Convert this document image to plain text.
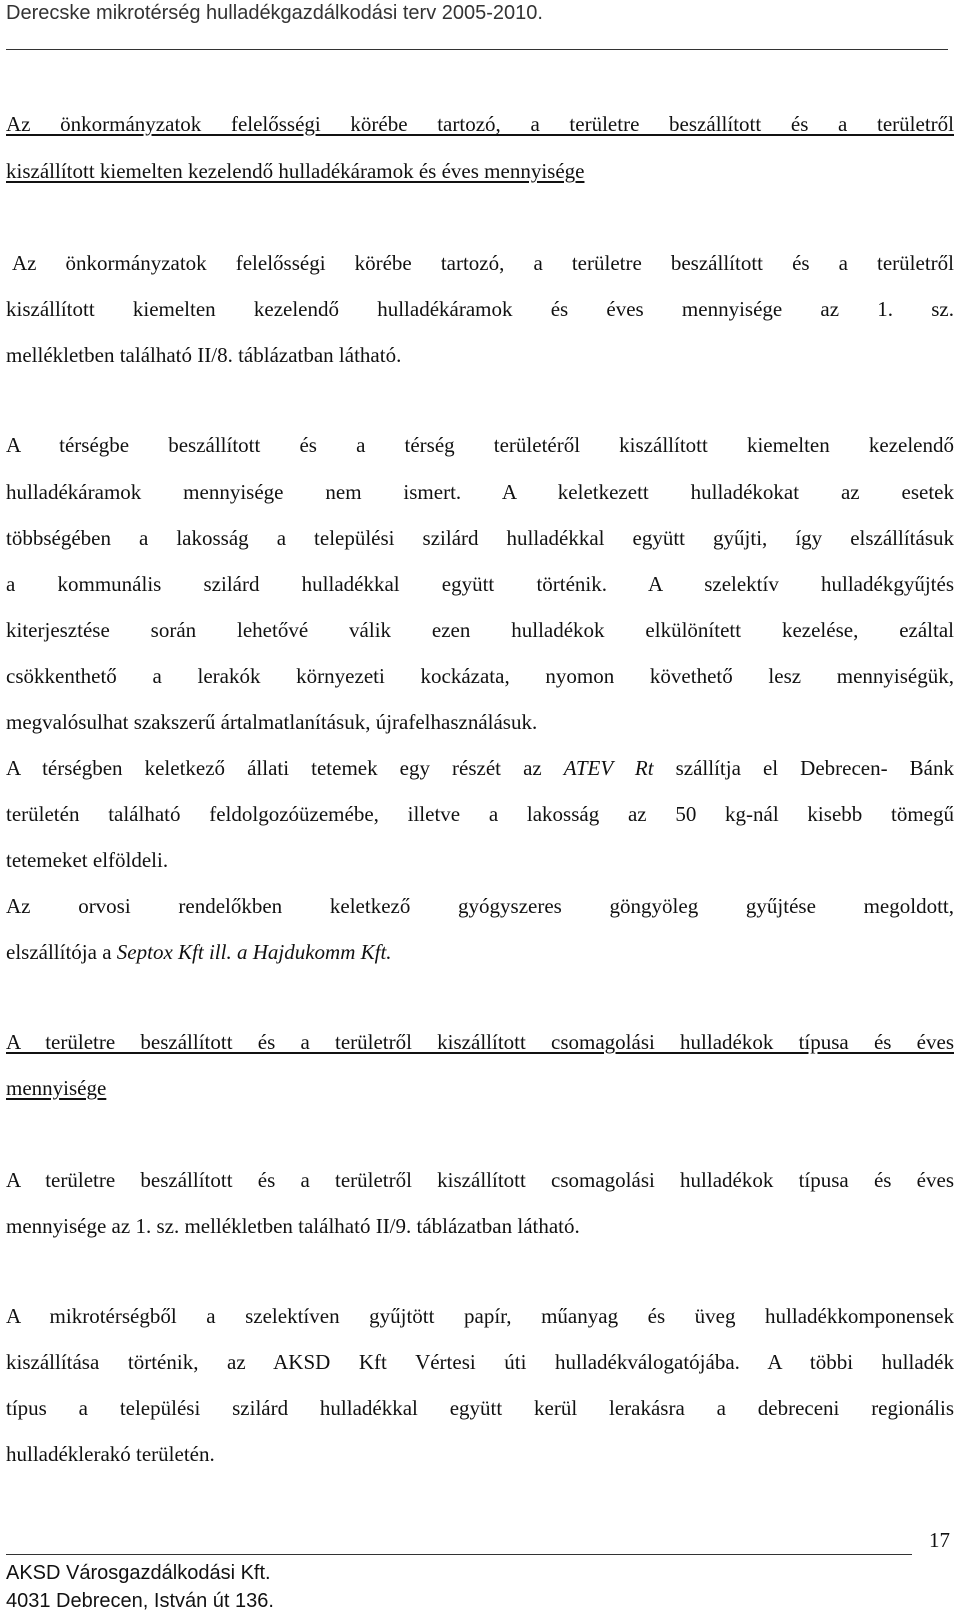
Derecske mikrotérség hulladékgazdálkodási terv 2005-2010.
Az önkormányzatok felelősségi körébe tartozó, a területre beszállított és a területről
kiszállított kiemelten kezelendő hulladékáramok és éves mennyisége
Az önkormányzatok felelősségi körébe tartozó, a területre beszállított és a területről
kiszállított kiemelten kezelendő hulladékáramok és éves mennyisége az 1. sz.
mellékletben található II/8. táblázatban látható.
A térségbe beszállított és a térség területéről kiszállított kiemelten kezelendő
hulladékáramok mennyisége nem ismert. A keletkezett hulladékokat az esetek
többségében a lakosság a települési szilárd hulladékkal együtt gyűjti, így elszállításuk
a kommunális szilárd hulladékkal együtt történik. A szelektív hulladékgyűjtés
kiterjesztése során lehetővé válik ezen hulladékok elkülönített kezelése, ezáltal
csökkenthető a lerakók környezeti kockázata, nyomon követhető lesz mennyiségük,
megvalósulhat szakszerű ártalmatlanításuk, újrafelhasználásuk.
A térségben keletkező állati tetemek egy részét az ATEV Rt szállítja el Debrecen- Bánk
területén található feldolgozóüzemébe, illetve a lakosság az 50 kg-nál kisebb tömegű
tetemeket elföldeli.
Az orvosi rendelőkben keletkező gyógyszeres göngyöleg gyűjtése megoldott,
elszállítója a Septox Kft ill. a Hajdukomm Kft.
A területre beszállított és a területről kiszállított csomagolási hulladékok típusa és éves
mennyisége
A területre beszállított és a területről kiszállított csomagolási hulladékok típusa és éves
mennyisége az 1. sz. mellékletben található II/9. táblázatban látható.
A mikrotérségből a szelektíven gyűjtött papír, műanyag és üveg hulladékkomponensek
kiszállítása történik, az AKSD Kft Vértesi úti hulladékválogatójába. A többi hulladék
típus a települési szilárd hulladékkal együtt kerül lerakásra a debreceni regionális
hulladéklerakó területén.
17
AKSD Városgazdálkodási Kft.
4031 Debrecen, István út 136.
